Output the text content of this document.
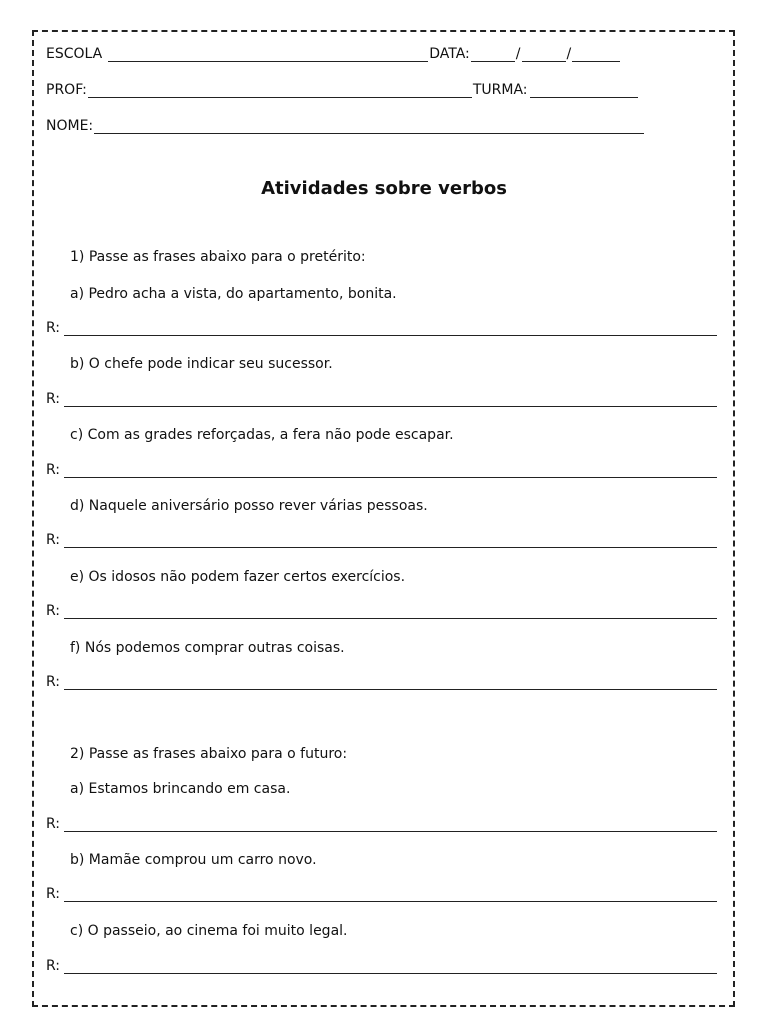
ESCOLA	DATA:	/	/
PROF:	TURMA:
NOME:
Atividades sobre verbos
1) Passe as frases abaixo para o pretérito:
a) Pedro acha a vista, do apartamento, bonita.
R:
b) O chefe pode indicar seu sucessor.
R:
c) Com as grades reforçadas, a fera não pode escapar.
R:
d) Naquele aniversário posso rever várias pessoas.
R:
e) Os idosos não podem fazer certos exercícios.
R:
f) Nós podemos comprar outras coisas.
R:
2) Passe as frases abaixo para o futuro:
a) Estamos brincando em casa.
R:
b) Mamãe comprou um carro novo.
R:
c) O passeio, ao cinema foi muito legal.
R:
